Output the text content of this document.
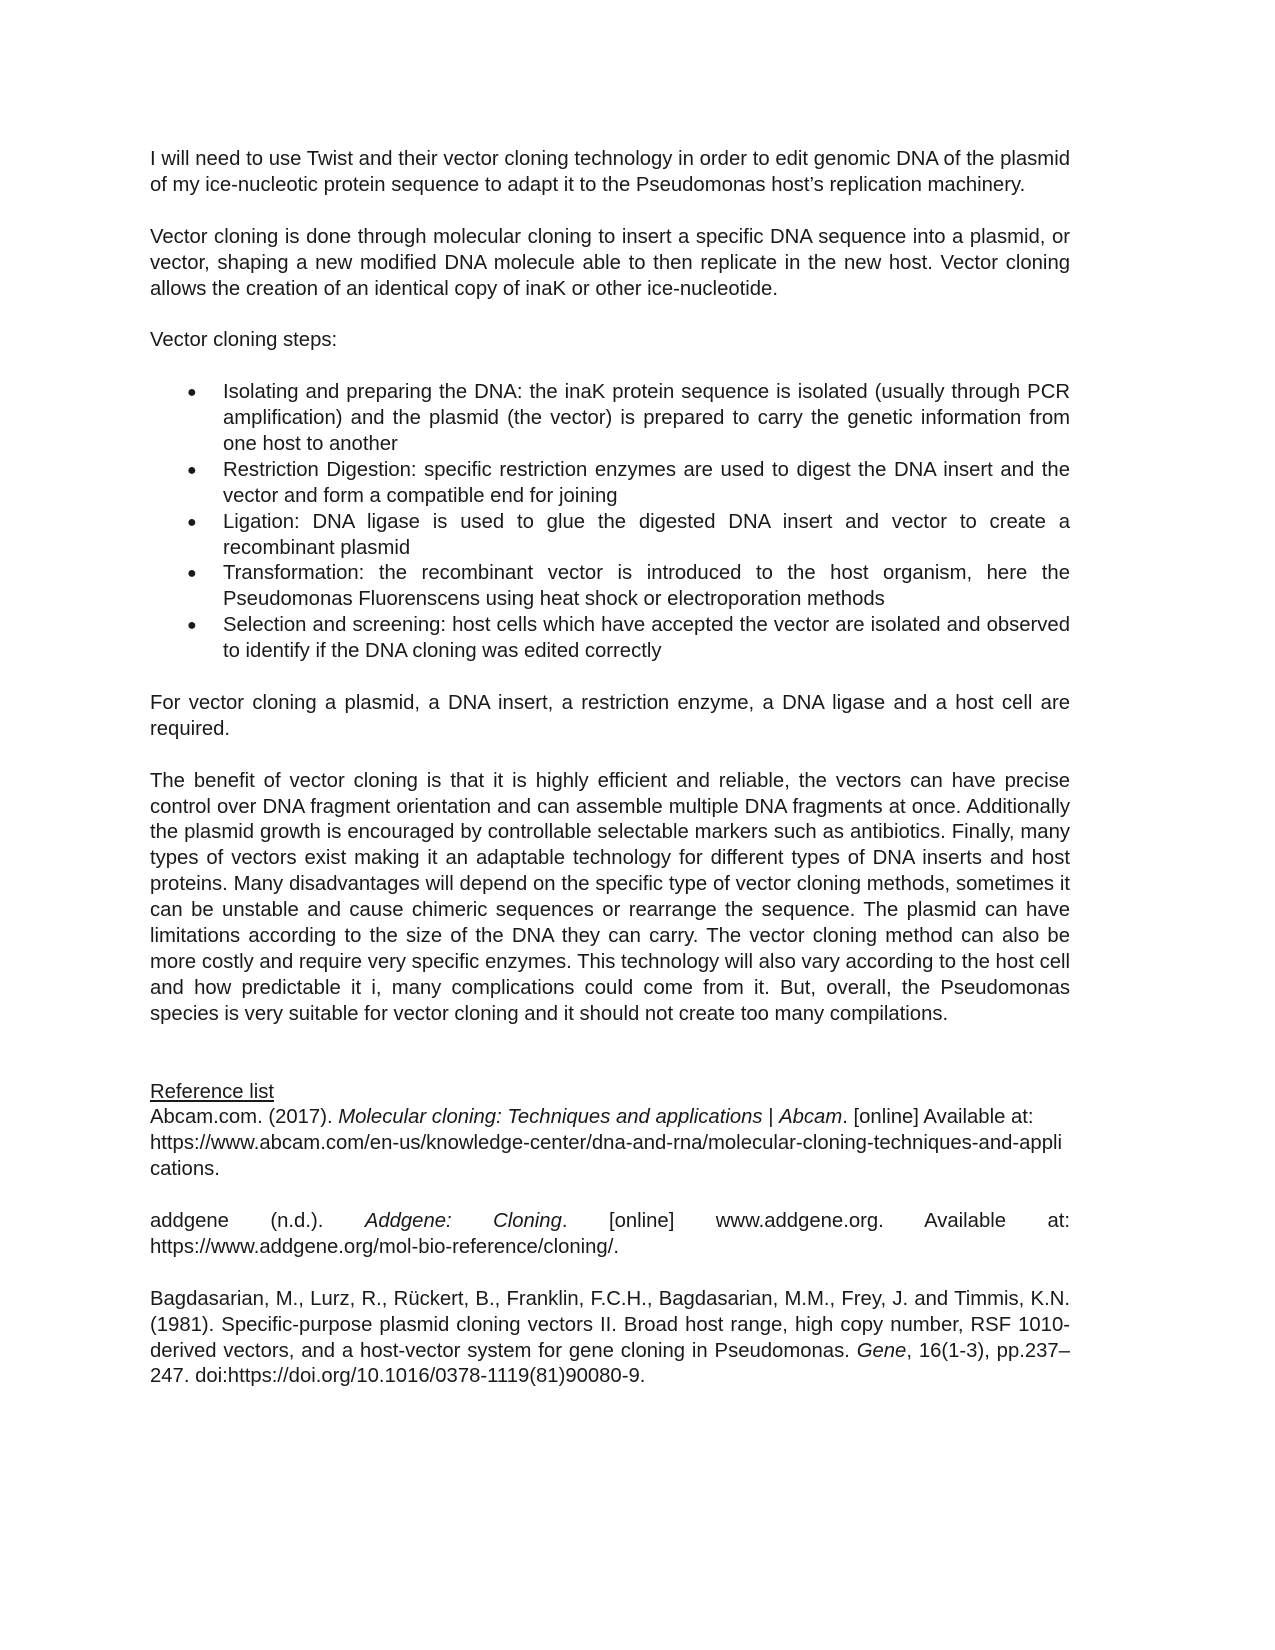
I will need to use Twist and their vector cloning technology in order to edit genomic DNA of the plasmid of my ice-nucleotic protein sequence to adapt it to the Pseudomonas host’s replication machinery.

Vector cloning is done through molecular cloning to insert a specific DNA sequence into a plasmid, or vector, shaping a new modified DNA molecule able to then replicate in the new host. Vector cloning allows the creation of an identical copy of inaK or other ice-nucleotide.

Vector cloning steps:

● Isolating and preparing the DNA: the inaK protein sequence is isolated (usually through PCR amplification) and the plasmid (the vector) is prepared to carry the genetic information from one host to another
● Restriction Digestion: specific restriction enzymes are used to digest the DNA insert and the vector and form a compatible end for joining
● Ligation: DNA ligase is used to glue the digested DNA insert and vector to create a recombinant plasmid
● Transformation: the recombinant vector is introduced to the host organism, here the Pseudomonas Fluorenscens using heat shock or electroporation methods
● Selection and screening: host cells which have accepted the vector are isolated and observed to identify if the DNA cloning was edited correctly

For vector cloning a plasmid, a DNA insert, a restriction enzyme, a DNA ligase and a host cell are required.

The benefit of vector cloning is that it is highly efficient and reliable, the vectors can have precise control over DNA fragment orientation and can assemble multiple DNA fragments at once. Additionally the plasmid growth is encouraged by controllable selectable markers such as antibiotics. Finally, many types of vectors exist making it an adaptable technology for different types of DNA inserts and host proteins. Many disadvantages will depend on the specific type of vector cloning methods, sometimes it can be unstable and cause chimeric sequences or rearrange the sequence. The plasmid can have limitations according to the size of the DNA they can carry. The vector cloning method can also be more costly and require very specific enzymes. This technology will also vary according to the host cell and how predictable it i, many complications could come from it. But, overall, the Pseudomonas species is very suitable for vector cloning and it should not create too many compilations.

Reference list

Abcam.com. (2017). Molecular cloning: Techniques and applications | Abcam. [online] Available at:

https://www.abcam.com/en-us/knowledge-center/dna-and-rna/molecular-cloning-techniques-and-applications.

addgene (n.d.). Addgene: Cloning. [online] www.addgene.org. Available at:

https://www.addgene.org/mol-bio-reference/cloning/.

Bagdasarian, M., Lurz, R., Rückert, B., Franklin, F.C.H., Bagdasarian, M.M., Frey, J. and Timmis, K.N. (1981). Specific-purpose plasmid cloning vectors II. Broad host range, high copy number, RSF 1010-derived vectors, and a host-vector system for gene cloning in Pseudomonas. Gene, 16(1-3), pp.237–247. doi:https://doi.org/10.1016/0378-1119(81)90080-9.
